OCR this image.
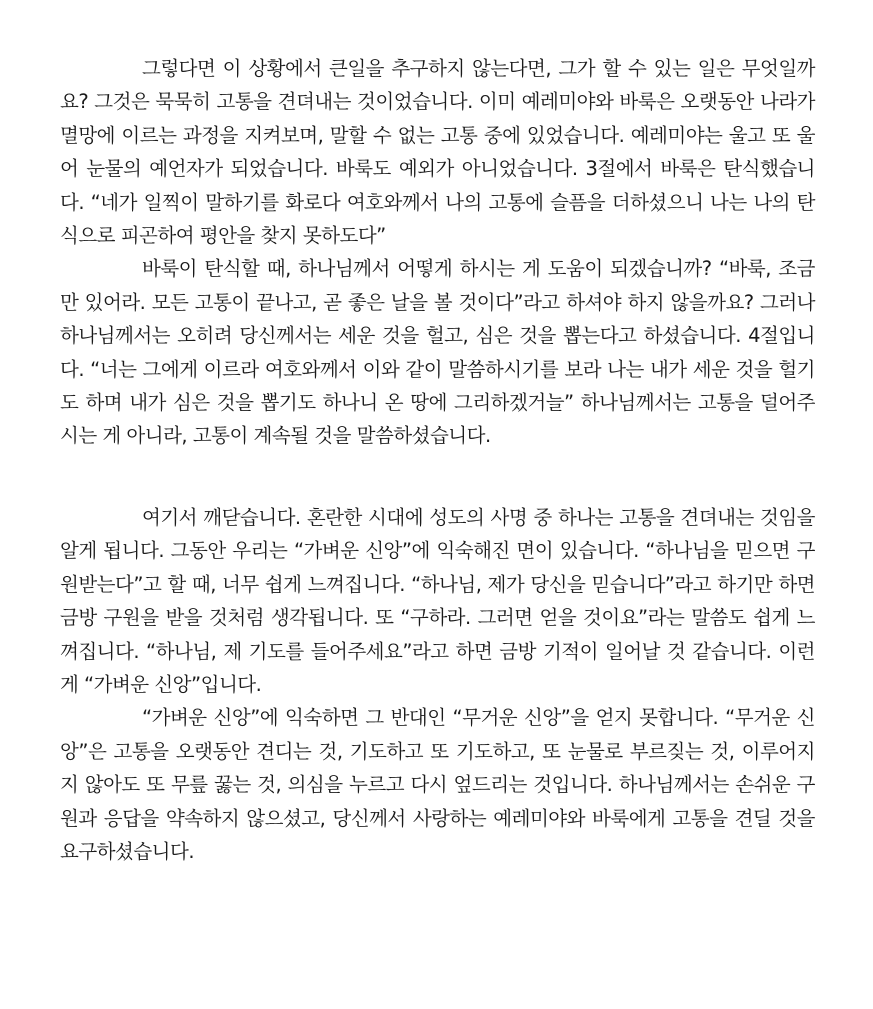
그렇다면 이 상황에서 큰일을 추구하지 않는다면, 그가 할 수 있는 일은 무엇일까요? 그것은 묵묵히 고통을 견뎌내는 것이었습니다. 이미 예레미야와 바룩은 오랫동안 나라가 멸망에 이르는 과정을 지켜보며, 말할 수 없는 고통 중에 있었습니다. 예레미야는 울고 또 울어 눈물의 예언자가 되었습니다. 바룩도 예외가 아니었습니다. 3절에서 바룩은 탄식했습니다. “네가 일찍이 말하기를 화로다 여호와께서 나의 고통에 슬픔을 더하셨으니 나는 나의 탄식으로 피곤하여 평안을 찾지 못하도다”

바룩이 탄식할 때, 하나님께서 어떻게 하시는 게 도움이 되겠습니까? “바룩, 조금만 있어라. 모든 고통이 끝나고, 곧 좋은 날을 볼 것이다”라고 하셔야 하지 않을까요? 그러나 하나님께서는 오히려 당신께서는 세운 것을 헐고, 심은 것을 뽑는다고 하셨습니다. 4절입니다. “너는 그에게 이르라 여호와께서 이와 같이 말씀하시기를 보라 나는 내가 세운 것을 헐기도 하며 내가 심은 것을 뽑기도 하나니 온 땅에 그리하겠거늘” 하나님께서는 고통을 덜어주시는 게 아니라, 고통이 계속될 것을 말씀하셨습니다.

여기서 깨닫습니다. 혼란한 시대에 성도의 사명 중 하나는 고통을 견뎌내는 것임을 알게 됩니다. 그동안 우리는 “가벼운 신앙”에 익숙해진 면이 있습니다. “하나님을 믿으면 구원받는다”고 할 때, 너무 쉽게 느껴집니다. “하나님, 제가 당신을 믿습니다”라고 하기만 하면 금방 구원을 받을 것처럼 생각됩니다. 또 “구하라. 그러면 얻을 것이요”라는 말씀도 쉽게 느껴집니다. “하나님, 제 기도를 들어주세요”라고 하면 금방 기적이 일어날 것 같습니다. 이런 게 “가벼운 신앙”입니다.

“가벼운 신앙”에 익숙하면 그 반대인 “무거운 신앙”을 얻지 못합니다. “무거운 신앙”은 고통을 오랫동안 견디는 것, 기도하고 또 기도하고, 또 눈물로 부르짖는 것, 이루어지지 않아도 또 무릎 꿇는 것, 의심을 누르고 다시 엎드리는 것입니다. 하나님께서는 손쉬운 구원과 응답을 약속하지 않으셨고, 당신께서 사랑하는 예레미야와 바룩에게 고통을 견딜 것을 요구하셨습니다.
